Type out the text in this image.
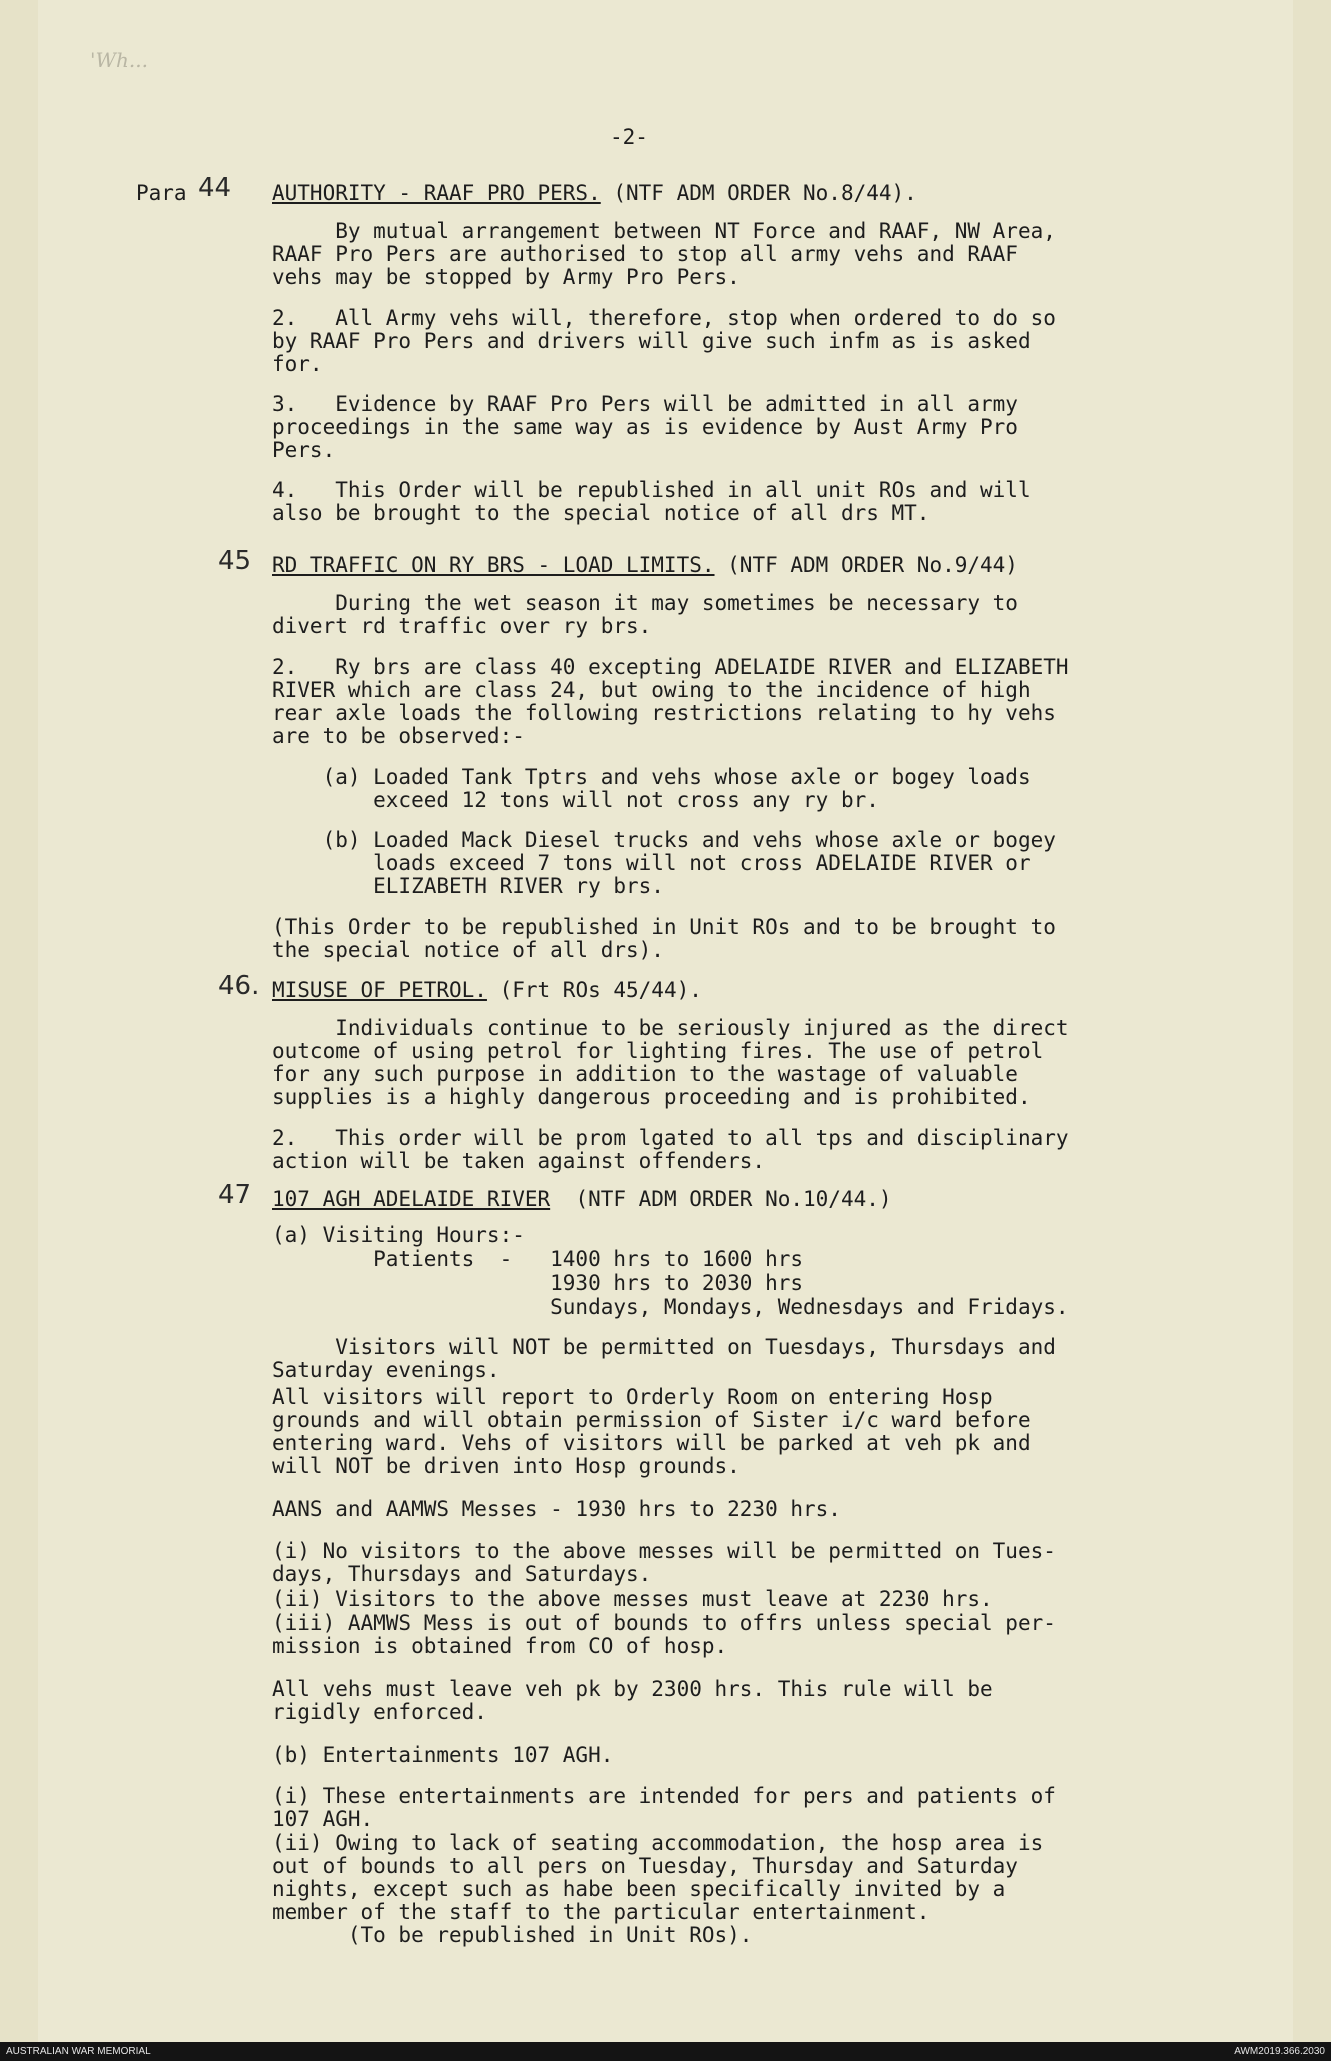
'Wh...
-2-
Para 44 AUTHORITY - RAAF PRO PERS. (NTF ADM ORDER No.8/44).
By mutual arrangement between NT Force and RAAF, NW Area,
RAAF Pro Pers are authorised to stop all army vehs and RAAF
vehs may be stopped by Army Pro Pers.
2.   All Army vehs will, therefore, stop when ordered to do so
by RAAF Pro Pers and drivers will give such infm as is asked
for.
3.   Evidence by RAAF Pro Pers will be admitted in all army
proceedings in the same way as is evidence by Aust Army Pro
Pers.
4.   This Order will be republished in all unit ROs and will
also be brought to the special notice of all drs MT.
45 RD TRAFFIC ON RY BRS - LOAD LIMITS. (NTF ADM ORDER No.9/44)
During the wet season it may sometimes be necessary to
divert rd traffic over ry brs.
2.   Ry brs are class 40 excepting ADELAIDE RIVER and ELIZABETH
RIVER which are class 24, but owing to the incidence of high
rear axle loads the following restrictions relating to hy vehs
are to be observed:-
(a) Loaded Tank Tptrs and vehs whose axle or bogey loads
exceed 12 tons will not cross any ry br.
(b) Loaded Mack Diesel trucks and vehs whose axle or bogey
loads exceed 7 tons will not cross ADELAIDE RIVER or
ELIZABETH RIVER ry brs.
(This Order to be republished in Unit ROs and to be brought to
the special notice of all drs).
46. MISUSE OF PETROL. (Frt ROs 45/44).
Individuals continue to be seriously injured as the direct
outcome of using petrol for lighting fires. The use of petrol
for any such purpose in addition to the wastage of valuable
supplies is a highly dangerous proceeding and is prohibited.
2.   This order will be prom lgated to all tps and disciplinary
action will be taken against offenders.
47 107 AGH ADELAIDE RIVER  (NTF ADM ORDER No.10/44.)
(a) Visiting Hours:-
Patients  -   1400 hrs to 1600 hrs
1930 hrs to 2030 hrs
Sundays, Mondays, Wednesdays and Fridays.
Visitors will NOT be permitted on Tuesdays, Thursdays and
Saturday evenings.
All visitors will report to Orderly Room on entering Hosp
grounds and will obtain permission of Sister i/c ward before
entering ward. Vehs of visitors will be parked at veh pk and
will NOT be driven into Hosp grounds.
AANS and AAMWS Messes - 1930 hrs to 2230 hrs.
(i) No visitors to the above messes will be permitted on Tues-
days, Thursdays and Saturdays.
(ii) Visitors to the above messes must leave at 2230 hrs.
(iii) AAMWS Mess is out of bounds to offrs unless special per-
mission is obtained from CO of hosp.
All vehs must leave veh pk by 2300 hrs. This rule will be
rigidly enforced.
(b) Entertainments 107 AGH.
(i) These entertainments are intended for pers and patients of
107 AGH.
(ii) Owing to lack of seating accommodation, the hosp area is
out of bounds to all pers on Tuesday, Thursday and Saturday
nights, except such as habe been specifically invited by a
member of the staff to the particular entertainment.
(To be republished in Unit ROs).
AUSTRALIAN WAR MEMORIAL	AWM2019.366.2030
